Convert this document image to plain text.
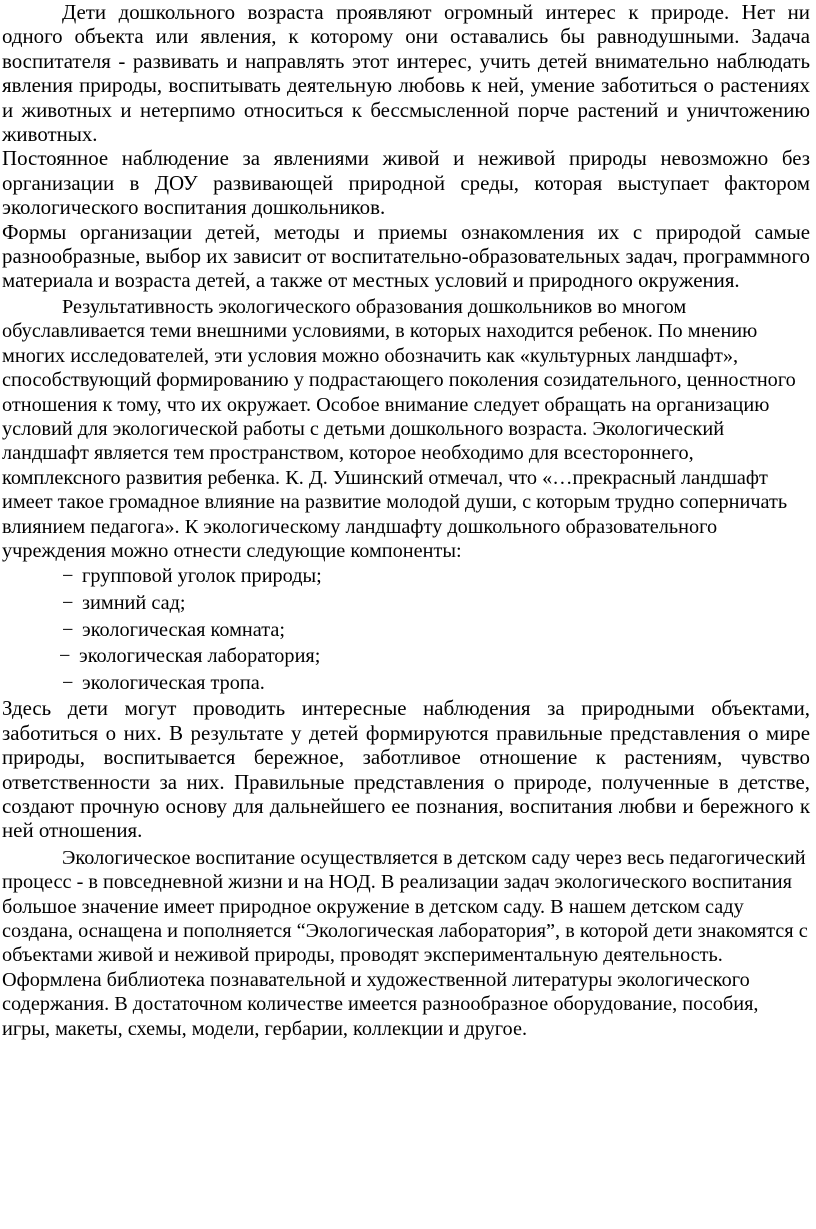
Дети дошкольного возраста проявляют огромный интерес к природе. Нет ни одного объекта или явления, к которому они оставались бы равнодушными. Задача воспитателя - развивать и направлять этот интерес, учить детей внимательно наблюдать явления природы, воспитывать деятельную любовь к ней, умение заботиться о растениях и животных и нетерпимо относиться к бессмысленной порче растений и уничтожению животных.

Постоянное наблюдение за явлениями живой и неживой природы невозможно без организации в ДОУ развивающей природной среды, которая выступает фактором экологического воспитания дошкольников.

Формы организации детей, методы и приемы ознакомления их с природой самые разнообразные, выбор их зависит от воспитательно-образовательных задач, программного материала и возраста детей, а также от местных условий и природного окружения.

Результативность экологического образования дошкольников во многом обуславливается теми внешними условиями, в которых находится ребенок. По мнению многих исследователей, эти условия можно обозначить как «культурных ландшафт», способствующий формированию у подрастающего поколения созидательного, ценностного отношения к тому, что их окружает. Особое внимание следует обращать на организацию условий для экологической работы с детьми дошкольного возраста. Экологический ландшафт является тем пространством, которое необходимо для всестороннего, комплексного развития ребенка. К. Д. Ушинский отмечал, что «…прекрасный ландшафт имеет такое громадное влияние на развитие молодой души, с которым трудно соперничать влиянием педагога». К экологическому ландшафту дошкольного образовательного учреждения можно отнести следующие компоненты:

− групповой уголок природы;
− зимний сад;
− экологическая комната;
− экологическая лаборатория;
− экологическая тропа.

Здесь дети могут проводить интересные наблюдения за природными объектами, заботиться о них. В результате у детей формируются правильные представления о мире природы, воспитывается бережное, заботливое отношение к растениям, чувство ответственности за них. Правильные представления о природе, полученные в детстве, создают прочную основу для дальнейшего ее познания, воспитания любви и бережного к ней отношения.

Экологическое воспитание осуществляется в детском саду через весь педагогический процесс - в повседневной жизни и на НОД. В реализации задач экологического воспитания большое значение имеет природное окружение в детском саду. В нашем детском саду создана, оснащена и пополняется “Экологическая лаборатория”, в которой дети знакомятся с объектами живой и неживой природы, проводят экспериментальную деятельность. Оформлена библиотека познавательной и художественной литературы экологического содержания. В достаточном количестве имеется разнообразное оборудование, пособия, игры, макеты, схемы, модели, гербарии, коллекции и другое.
